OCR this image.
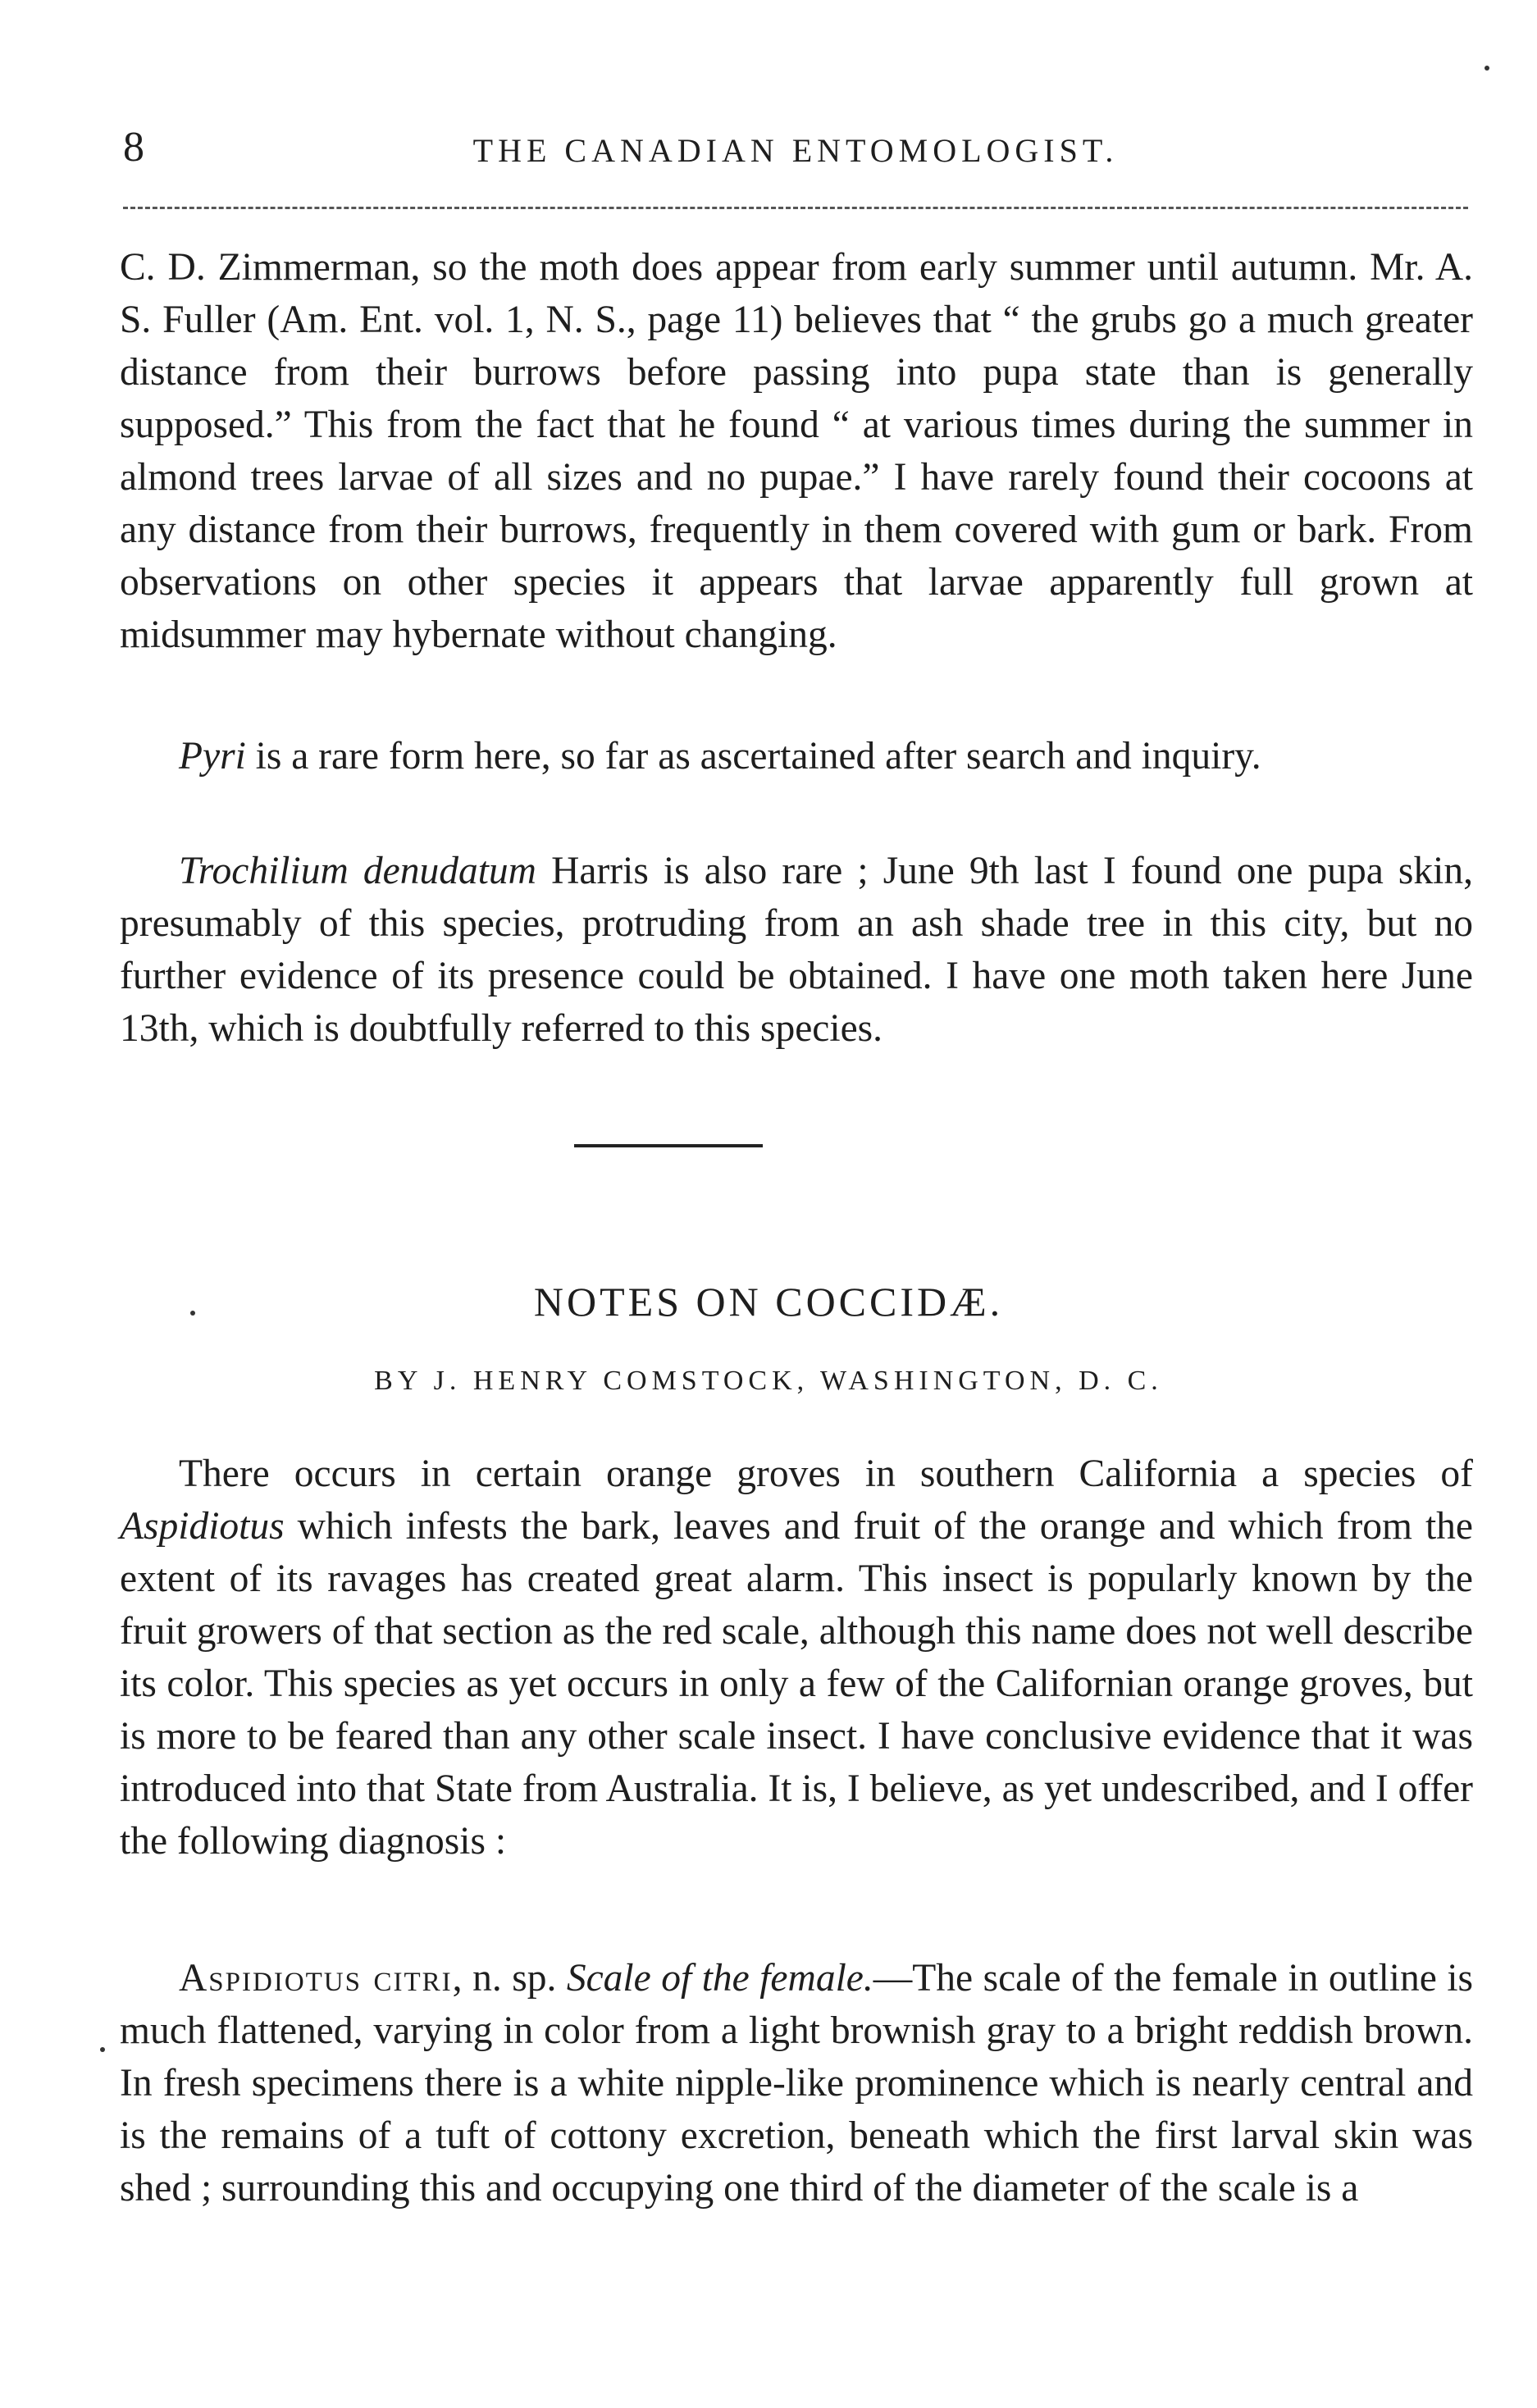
8	THE CANADIAN ENTOMOLOGIST.

C. D. Zimmerman, so the moth does appear from early summer until autumn. Mr. A. S. Fuller (Am. Ent. vol. 1, N. S., page 11) believes that “ the grubs go a much greater distance from their burrows before passing into pupa state than is generally supposed.” This from the fact that he found “ at various times during the summer in almond trees larvae of all sizes and no pupae.” I have rarely found their cocoons at any distance from their burrows, frequently in them covered with gum or bark. From observations on other species it appears that larvae apparently full grown at midsummer may hybernate without changing.

Pyri is a rare form here, so far as ascertained after search and inquiry.

Trochilium denudatum Harris is also rare ; June 9th last I found one pupa skin, presumably of this species, protruding from an ash shade tree in this city, but no further evidence of its presence could be obtained. I have one moth taken here June 13th, which is doubtfully referred to this species.

NOTES ON COCCIDÆ.
BY J. HENRY COMSTOCK, WASHINGTON, D. C.

There occurs in certain orange groves in southern California a species of Aspidiotus which infests the bark, leaves and fruit of the orange and which from the extent of its ravages has created great alarm. This insect is popularly known by the fruit growers of that section as the red scale, although this name does not well describe its color. This species as yet occurs in only a few of the Californian orange groves, but is more to be feared than any other scale insect. I have conclusive evidence that it was introduced into that State from Australia. It is, I believe, as yet undescribed, and I offer the following diagnosis :

Aspidiotus citri, n. sp. Scale of the female.—The scale of the female in outline is much flattened, varying in color from a light brownish gray to a bright reddish brown. In fresh specimens there is a white nipple-like prominence which is nearly central and is the remains of a tuft of cottony excretion, beneath which the first larval skin was shed ; surrounding this and occupying one third of the diameter of the scale is a
